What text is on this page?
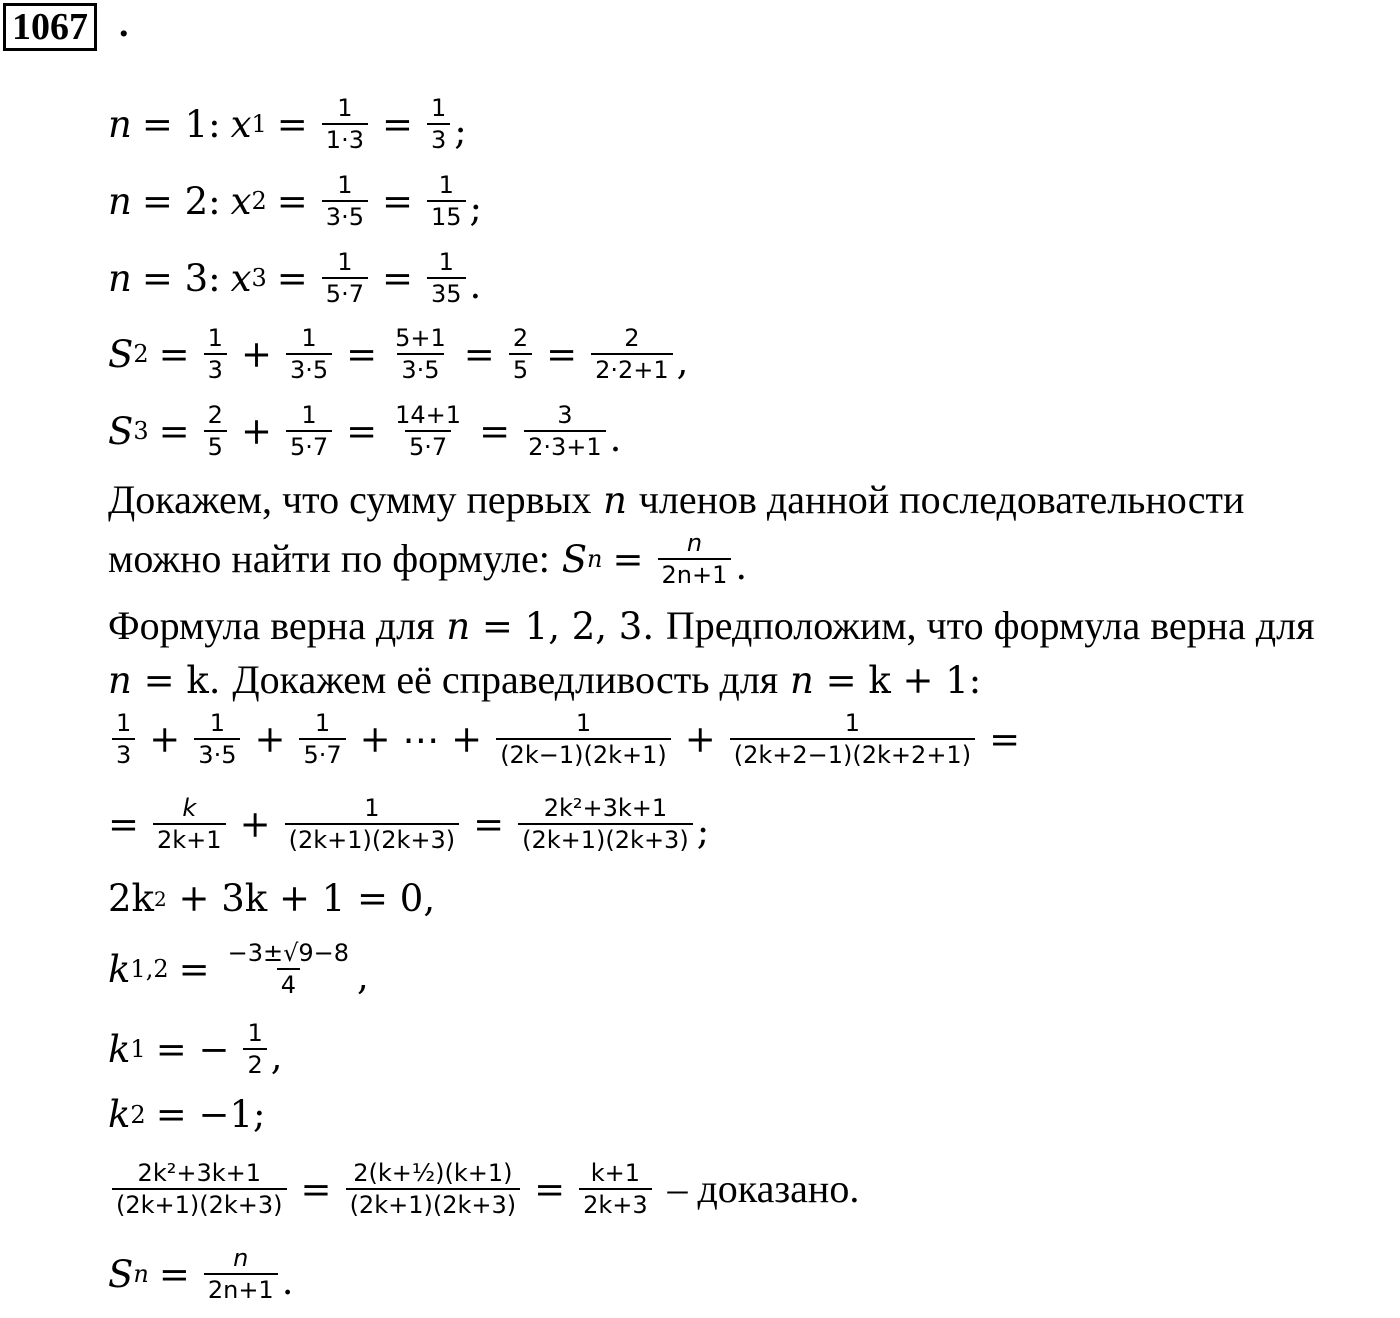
1067 .
n = 1: x $1 = \frac{1}{1\cdot 3} = \frac{1}{3}$ ;
n = 2: x $2 = \frac{1}{3\cdot 5} = \frac{1}{15}$ ;
n = 3: x $3 = \frac{1}{5\cdot 7} = \frac{1}{35}$ .
S $2 = \frac{1}{3} + \frac{1}{3\cdot 5} = \frac{5+1}{3\cdot 5} = \frac{2}{5} = \frac{2}{2\cdot 2+1}$ ,
S $3 = \frac{2}{5} + \frac{1}{5\cdot 7} = \frac{14+1}{5\cdot 7} = \frac{3}{2\cdot 3+1}$ .
Докажем, что сумму первых
n
членов данной последовательности
можно найти по формуле:
S $n = \frac{n}{2n+1}$ .
Формула верна для
n
= 1, 2, 3.
Предположим, что формула верна для
n
= k.
Докажем её справедливость для
n
= k + 1:
1
$3 + \frac{1}{3\cdot 5} + \frac{1}{5\cdot 7}$ + ⋯ + $\frac{1}{(2k-1)(2k+1)} + \frac{1}{(2k+2-1)(2k+2+1)}$ =
= $\frac{k}{2k+1} + \frac{1}{(2k+1)(2k+3)} = \frac{\text{2k²+3k+1}}{(2k+1)(2k+3)}$ ;
2k 2
+ 3k + 1 = 0,
k $1,2 = \frac{-3\pm√9-8}{4}$ ,
k 1 = − $\frac{1}{2}$ ,
k 2 = −1;
$\frac{\text{2k²+3k+1}}{(2k+1)(2k+3)} = \frac{\text{2(k+½)(k+1)}}{(2k+1)(2k+3)} = \frac{k+1}{2k+3}$
– доказано.
S $n = \frac{n}{2n+1}$ .
